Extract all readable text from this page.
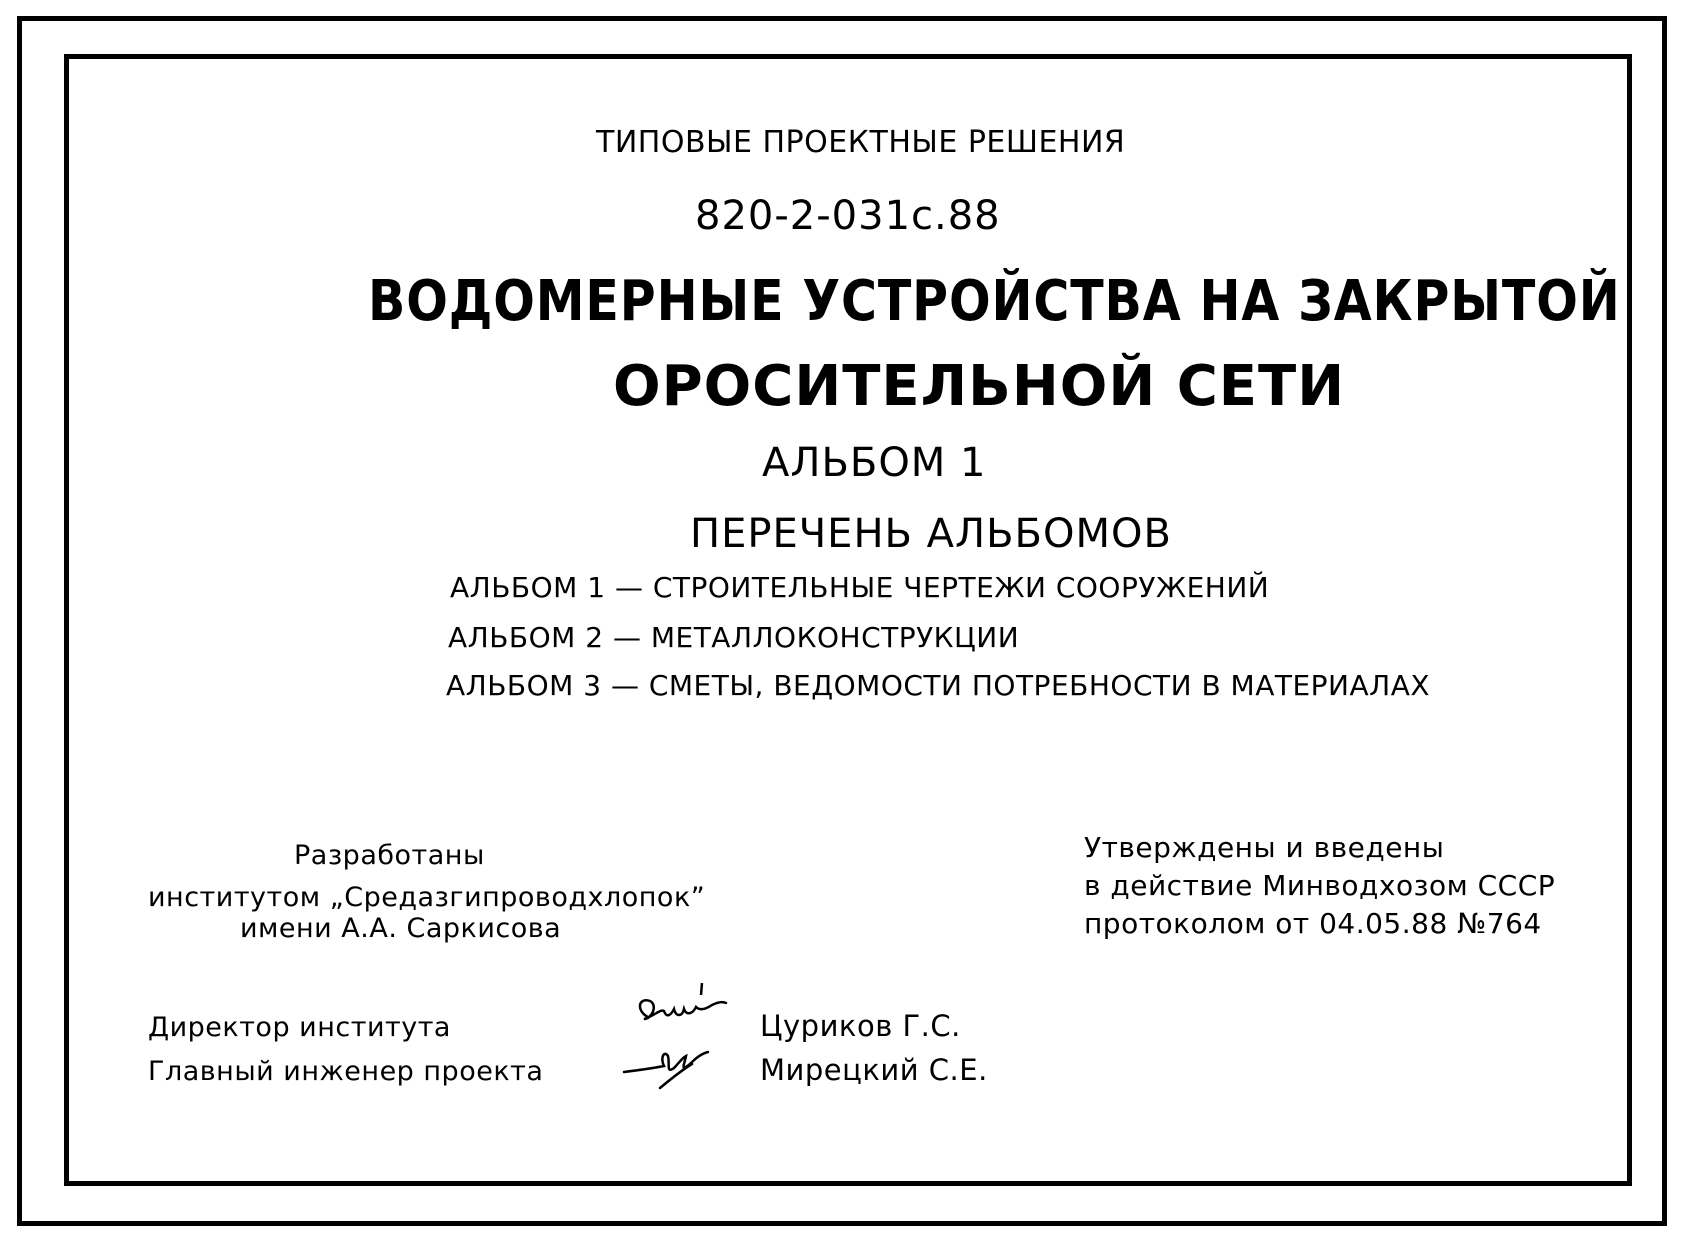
ТИПОВЫЕ ПРОЕКТНЫЕ РЕШЕНИЯ
820-2-031с.88
ВОДОМЕРНЫЕ УСТРОЙСТВА НА ЗАКРЫТОЙ
ОРОСИТЕЛЬНОЙ СЕТИ
АЛЬБОМ 1
ПЕРЕЧЕНЬ АЛЬБОМОВ
АЛЬБОМ 1 — СТРОИТЕЛЬНЫЕ ЧЕРТЕЖИ СООРУЖЕНИЙ
АЛЬБОМ 2 — МЕТАЛЛОКОНСТРУКЦИИ
АЛЬБОМ 3 — СМЕТЫ, ВЕДОМОСТИ ПОТРЕБНОСТИ В МАТЕРИАЛАХ
Разработаны
институтом „Средазгипроводхлопок”
имени А.А. Саркисова
Утверждены и введены
в действие Минводхозом СССР
протоколом от 04.05.88 №764
Директор института
Главный инженер проекта
Цуриков Г.С.
Мирецкий С.Е.
